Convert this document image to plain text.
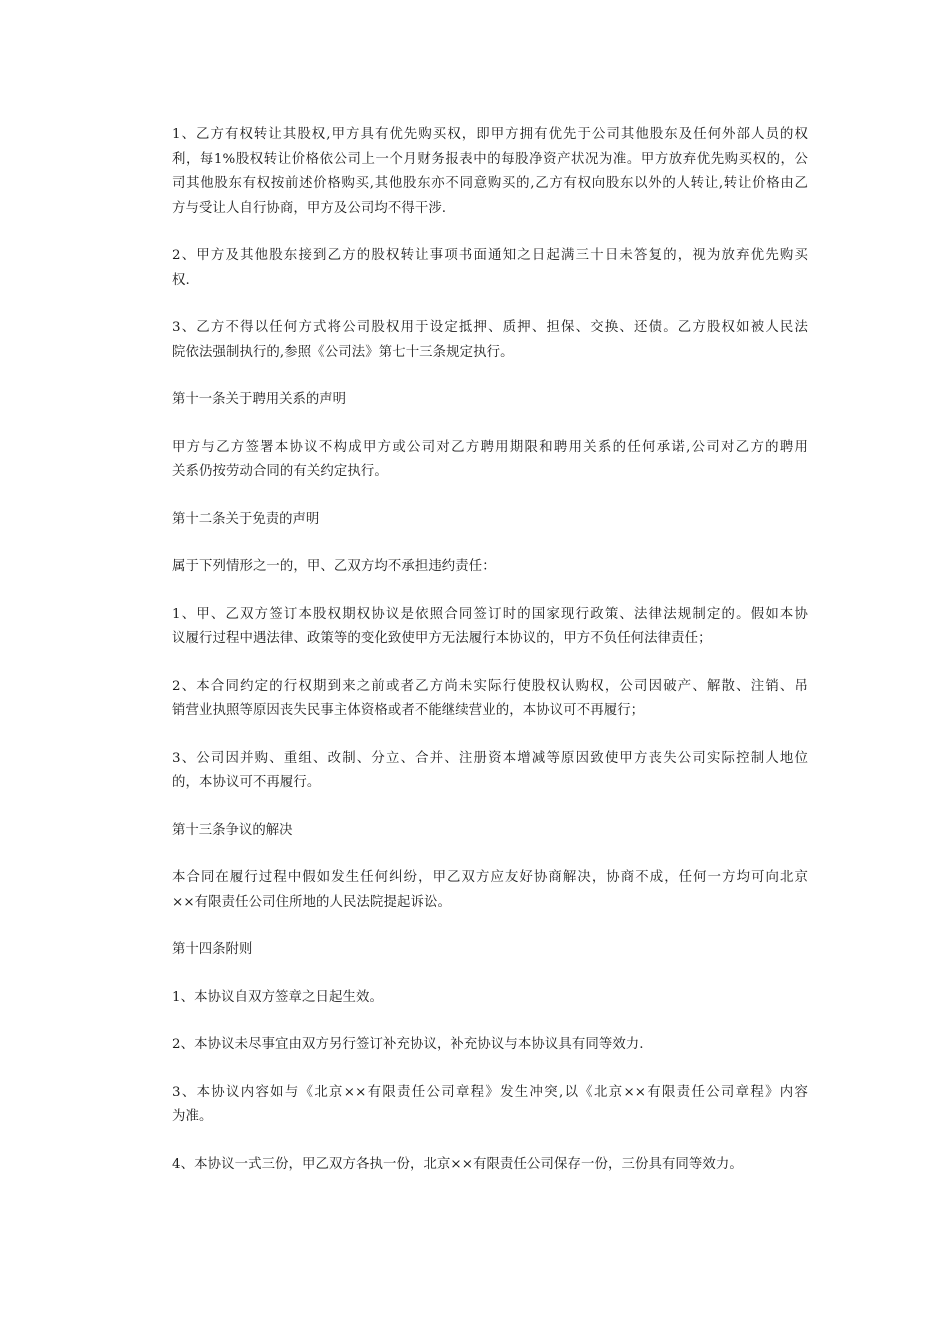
1、乙方有权转让其股权,甲方具有优先购买权，即甲方拥有优先于公司其他股东及任何外部人员的权
利，每1%股权转让价格依公司上一个月财务报表中的每股净资产状况为准。甲方放弃优先购买权的，公
司其他股东有权按前述价格购买,其他股东亦不同意购买的,乙方有权向股东以外的人转让,转让价格由乙
方与受让人自行协商，甲方及公司均不得干涉.

2、甲方及其他股东接到乙方的股权转让事项书面通知之日起满三十日未答复的，视为放弃优先购买
权.

3、乙方不得以任何方式将公司股权用于设定抵押、质押、担保、交换、还债。乙方股权如被人民法
院依法强制执行的,参照《公司法》第七十三条规定执行。

第十一条关于聘用关系的声明

甲方与乙方签署本协议不构成甲方或公司对乙方聘用期限和聘用关系的任何承诺,公司对乙方的聘用
关系仍按劳动合同的有关约定执行。

第十二条关于免责的声明

属于下列情形之一的，甲、乙双方均不承担违约责任：

1、甲、乙双方签订本股权期权协议是依照合同签订时的国家现行政策、法律法规制定的。假如本协
议履行过程中遇法律、政策等的变化致使甲方无法履行本协议的，甲方不负任何法律责任；

2、本合同约定的行权期到来之前或者乙方尚未实际行使股权认购权，公司因破产、解散、注销、吊
销营业执照等原因丧失民事主体资格或者不能继续营业的，本协议可不再履行；

3、公司因并购、重组、改制、分立、合并、注册资本增减等原因致使甲方丧失公司实际控制人地位
的，本协议可不再履行。

第十三条争议的解决

本合同在履行过程中假如发生任何纠纷，甲乙双方应友好协商解决，协商不成，任何一方均可向北京
××有限责任公司住所地的人民法院提起诉讼。

第十四条附则

1、本协议自双方签章之日起生效。

2、本协议未尽事宜由双方另行签订补充协议，补充协议与本协议具有同等效力.

3、本协议内容如与《北京××有限责任公司章程》发生冲突,以《北京××有限责任公司章程》内容
为准。

4、本协议一式三份，甲乙双方各执一份，北京××有限责任公司保存一份，三份具有同等效力。
